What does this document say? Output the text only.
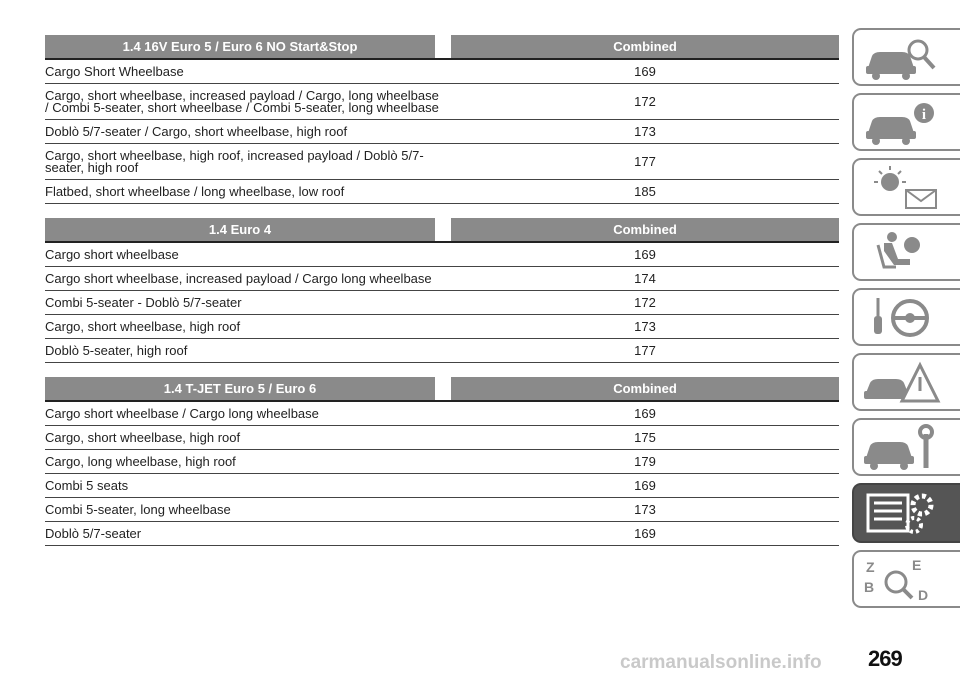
1.4 16V Euro 5 / Euro 6 NO Start&Stop	Combined
Cargo Short Wheelbase	169
Cargo, short wheelbase, increased payload / Cargo, long wheelbase / Combi 5-seater, short wheelbase / Combi 5-seater, long wheelbase	172
Doblò 5/7-seater / Cargo, short wheelbase, high roof	173
Cargo, short wheelbase, high roof, increased payload / Doblò 5/7-seater, high roof	177
Flatbed, short wheelbase / long wheelbase, low roof	185
1.4 Euro 4	Combined
Cargo short wheelbase	169
Cargo short wheelbase, increased payload / Cargo long wheelbase	174
Combi 5-seater - Doblò 5/7-seater	172
Cargo, short wheelbase, high roof	173
Doblò 5-seater, high roof	177
1.4 T-JET Euro 5 / Euro 6	Combined
Cargo short wheelbase / Cargo long wheelbase	169
Cargo, short wheelbase, high roof	175
Cargo, long wheelbase, high roof	179
Combi 5 seats	169
Combi 5-seater, long wheelbase	173
Doblò 5/7-seater	169
i
Z	E
B	D
269
carmanualsonline.info
